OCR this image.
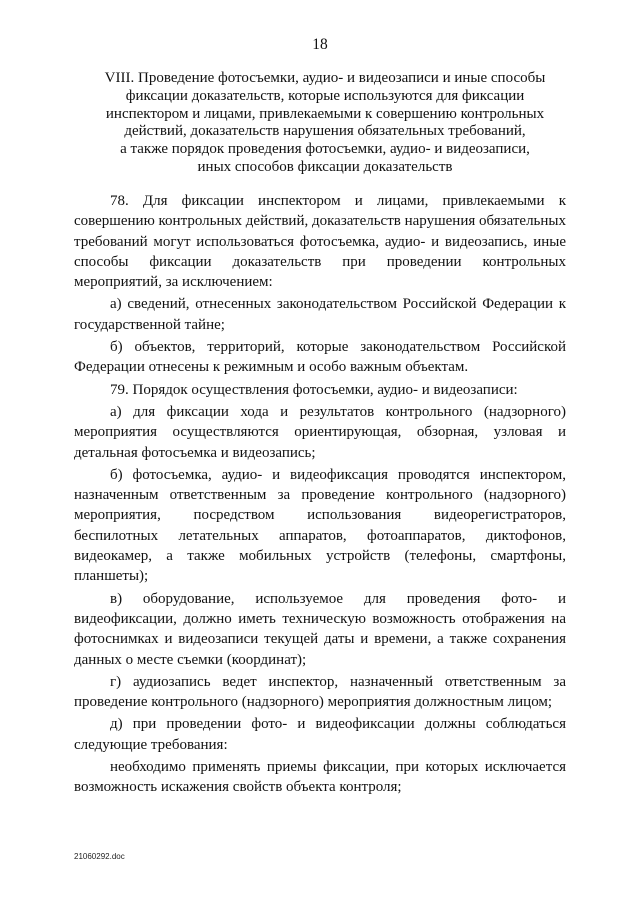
18
VIII. Проведение фотосъемки, аудио- и видеозаписи и иные способы
фиксации доказательств, которые используются для фиксации
инспектором и лицами, привлекаемыми к совершению контрольных
действий, доказательств нарушения обязательных требований,
а также порядок проведения фотосъемки, аудио- и видеозаписи,
иных способов фиксации доказательств

78. Для фиксации инспектором и лицами, привлекаемыми к совершению контрольных действий, доказательств нарушения обязательных требований могут использоваться фотосъемка, аудио- и видеозапись, иные способы фиксации доказательств при проведении контрольных мероприятий, за исключением:

а) сведений, отнесенных законодательством Российской Федерации к государственной тайне;

б) объектов, территорий, которые законодательством Российской Федерации отнесены к режимным и особо важным объектам.

79. Порядок осуществления фотосъемки, аудио- и видеозаписи:

а) для фиксации хода и результатов контрольного (надзорного) мероприятия осуществляются ориентирующая, обзорная, узловая и детальная фотосъемка и видеозапись;

б) фотосъемка, аудио- и видеофиксация проводятся инспектором, назначенным ответственным за проведение контрольного (надзорного) мероприятия, посредством использования видеорегистраторов, беспилотных летательных аппаратов, фотоаппаратов, диктофонов, видеокамер, а также мобильных устройств (телефоны, смартфоны, планшеты);

в) оборудование, используемое для проведения фото- и видеофиксации, должно иметь техническую возможность отображения на фотоснимках и видеозаписи текущей даты и времени, а также сохранения данных о месте съемки (координат);

г) аудиозапись ведет инспектор, назначенный ответственным за проведение контрольного (надзорного) мероприятия должностным лицом;

д) при проведении фото- и видеофиксации должны соблюдаться следующие требования:

необходимо применять приемы фиксации, при которых исключается возможность искажения свойств объекта контроля;

21060292.doc
